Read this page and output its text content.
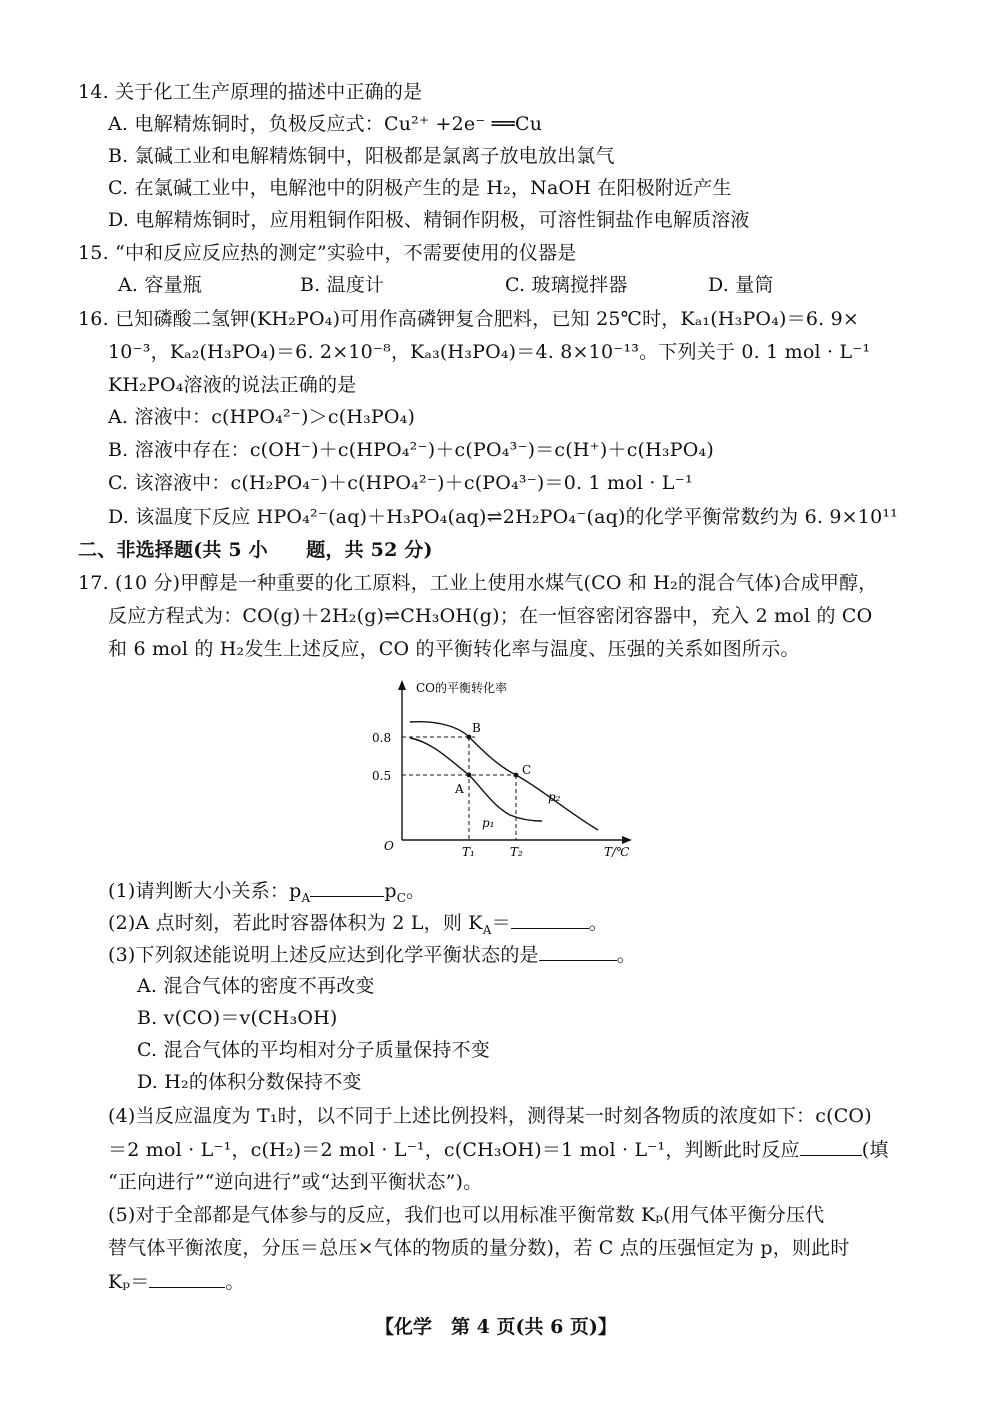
14. 关于化工生产原理的描述中正确的是
A. 电解精炼铜时，负极反应式：Cu²⁺ +2e⁻ ══Cu
B. 氯碱工业和电解精炼铜中，阳极都是氯离子放电放出氯气
C. 在氯碱工业中，电解池中的阴极产生的是 H₂，NaOH 在阳极附近产生
D. 电解精炼铜时，应用粗铜作阳极、精铜作阴极，可溶性铜盐作电解质溶液
15. “中和反应反应热的测定”实验中，不需要使用的仪器是
A. 容量瓶	B. 温度计	C. 玻璃搅拌器	D. 量筒
16. 已知磷酸二氢钾(KH₂PO₄)可用作高磷钾复合肥料，已知 25℃时，Kₐ₁(H₃PO₄)＝6. 9×
10⁻³，Kₐ₂(H₃PO₄)＝6. 2×10⁻⁸，Kₐ₃(H₃PO₄)＝4. 8×10⁻¹³。下列关于 0. 1 mol · L⁻¹
KH₂PO₄溶液的说法正确的是
A. 溶液中：c(HPO₄²⁻)＞c(H₃PO₄)
B. 溶液中存在：c(OH⁻)＋c(HPO₄²⁻)＋c(PO₄³⁻)＝c(H⁺)＋c(H₃PO₄)
C. 该溶液中：c(H₂PO₄⁻)＋c(HPO₄²⁻)＋c(PO₄³⁻)＝0. 1 mol · L⁻¹
D. 该温度下反应 HPO₄²⁻(aq)＋H₃PO₄(aq)⇌2H₂PO₄⁻(aq)的化学平衡常数约为 6. 9×10¹¹
二、非选择题(共 5 小　　题，共 52 分)
17. (10 分)甲醇是一种重要的化工原料，工业上使用水煤气(CO 和 H₂的混合气体)合成甲醇，
反应方程式为：CO(g)＋2H₂(g)⇌CH₃OH(g)；在一恒容密闭容器中，充入 2 mol 的 CO
和 6 mol 的 H₂发生上述反应，CO 的平衡转化率与温度、压强的关系如图所示。
CO的平衡转化率
0.8
0.5
O	T₁	T₂	T/℃
A
B
C
p₁
p₂
(1)请判断大小关系：$p_A$	$p_C$。
(2)A 点时刻，若此时容器体积为 2 L，则 $K_A=$	。
(3)下列叙述能说明上述反应达到化学平衡状态的是	。
A. 混合气体的密度不再改变
B. v(CO)＝v(CH₃OH)
C. 混合气体的平均相对分子质量保持不变
D. H₂的体积分数保持不变
(4)当反应温度为 T₁时，以不同于上述比例投料，测得某一时刻各物质的浓度如下：c(CO)
＝2 mol · L⁻¹，c(H₂)＝2 mol · L⁻¹，c(CH₃OH)＝1 mol · L⁻¹，判断此时反应	(填
“正向进行”“逆向进行”或“达到平衡状态”)。
(5)对于全部都是气体参与的反应，我们也可以用标准平衡常数 Kₚ(用气体平衡分压代
替气体平衡浓度，分压＝总压×气体的物质的量分数)，若 C 点的压强恒定为 p，则此时
Kₚ＝	。
【化学　第 4 页(共 6 页)】
